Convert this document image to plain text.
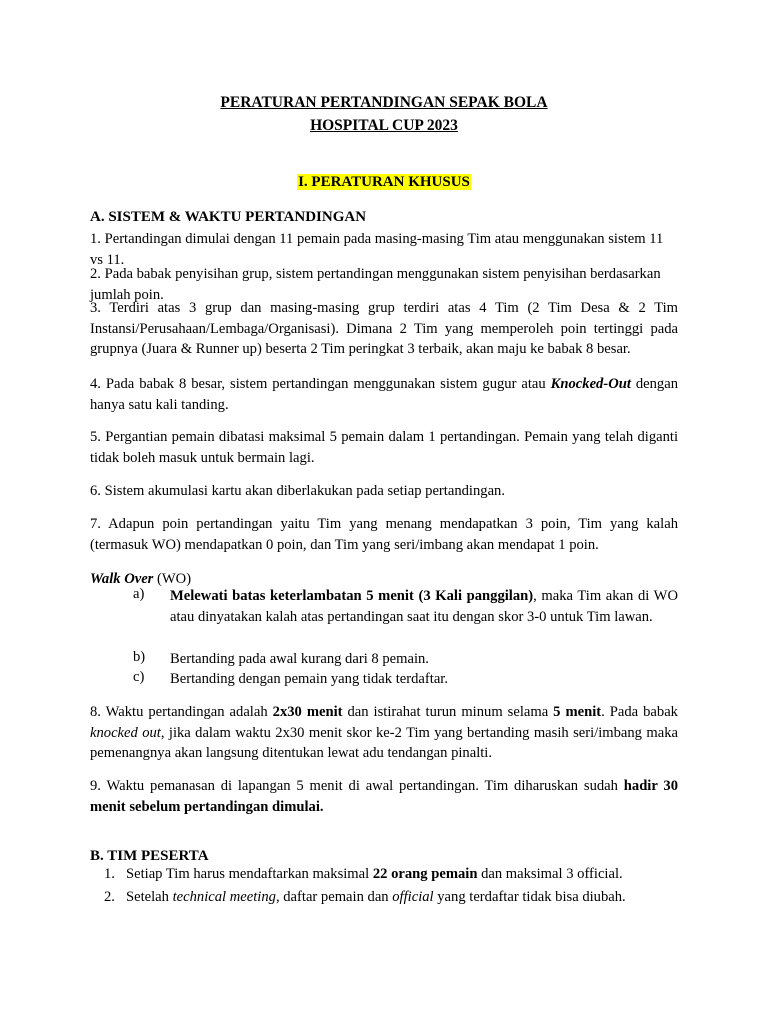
PERATURAN PERTANDINGAN SEPAK BOLA
HOSPITAL CUP 2023
I. PERATURAN KHUSUS
A. SISTEM & WAKTU PERTANDINGAN
1. Pertandingan dimulai dengan 11 pemain pada masing-masing Tim atau menggunakan sistem 11 vs 11.
2. Pada babak penyisihan grup, sistem pertandingan menggunakan sistem penyisihan berdasarkan jumlah poin.
3. Terdiri atas 3 grup dan masing-masing grup terdiri atas 4 Tim (2 Tim Desa & 2 Tim Instansi/Perusahaan/Lembaga/Organisasi). Dimana 2 Tim yang memperoleh poin tertinggi pada grupnya (Juara & Runner up) beserta 2 Tim peringkat 3 terbaik, akan maju ke babak 8 besar.
4. Pada babak 8 besar, sistem pertandingan menggunakan sistem gugur atau Knocked-Out dengan hanya satu kali tanding.
5. Pergantian pemain dibatasi maksimal 5 pemain dalam 1 pertandingan. Pemain yang telah diganti tidak boleh masuk untuk bermain lagi.
6. Sistem akumulasi kartu akan diberlakukan pada setiap pertandingan.
7. Adapun poin pertandingan yaitu Tim yang menang mendapatkan 3 poin, Tim yang kalah (termasuk WO) mendapatkan 0 poin, dan Tim yang seri/imbang akan mendapat 1 poin.
Walk Over (WO)
a) Melewati batas keterlambatan 5 menit (3 Kali panggilan), maka Tim akan di WO atau dinyatakan kalah atas pertandingan saat itu dengan skor 3-0 untuk Tim lawan.
b) Bertanding pada awal kurang dari 8 pemain.
c) Bertanding dengan pemain yang tidak terdaftar.
8. Waktu pertandingan adalah 2x30 menit dan istirahat turun minum selama 5 menit. Pada babak knocked out, jika dalam waktu 2x30 menit skor ke-2 Tim yang bertanding masih seri/imbang maka pemenangnya akan langsung ditentukan lewat adu tendangan pinalti.
9. Waktu pemanasan di lapangan 5 menit di awal pertandingan. Tim diharuskan sudah hadir 30 menit sebelum pertandingan dimulai.
B. TIM PESERTA
1. Setiap Tim harus mendaftarkan maksimal 22 orang pemain dan maksimal 3 official.
2. Setelah technical meeting, daftar pemain dan official yang terdaftar tidak bisa diubah.
